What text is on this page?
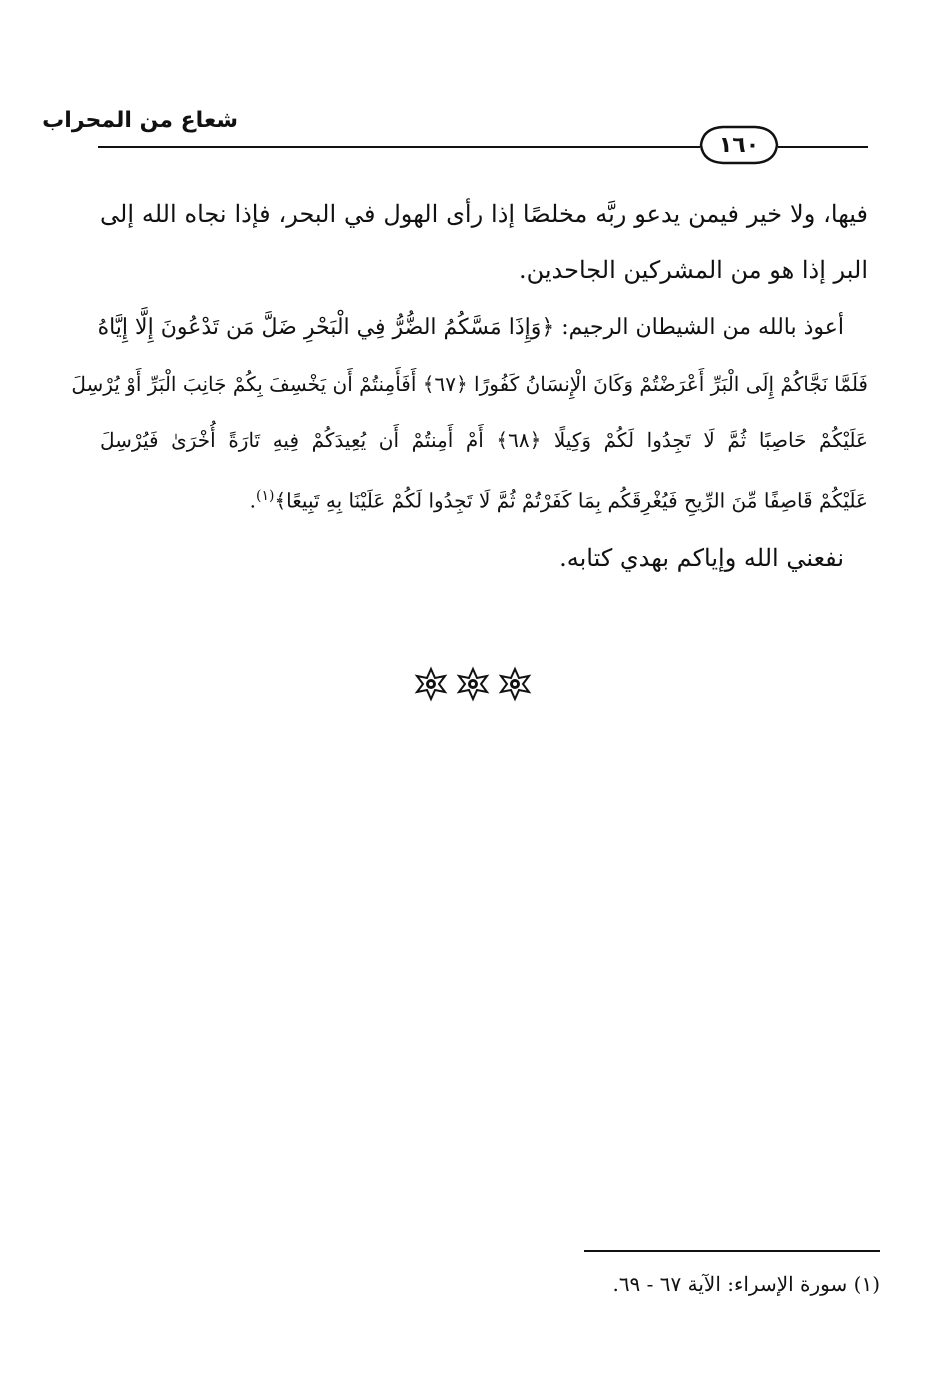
شعاع من المحراب
١٦٠
فيها، ولا خير فيمن يدعو ربَّه مخلصًا إذا رأى الهول في البحر، فإذا نجاه الله إلى
البر إذا هو من المشركين الجاحدين.
أعوذ بالله من الشيطان الرجيم: ﴿وَإِذَا مَسَّكُمُ الضُّرُّ فِي الْبَحْرِ ضَلَّ مَن تَدْعُونَ إِلَّا إِيَّاهُ
فَلَمَّا نَجَّاكُمْ إِلَى الْبَرِّ أَعْرَضْتُمْ وَكَانَ الْإِنسَانُ كَفُورًا ﴿٦٧﴾ أَفَأَمِنتُمْ أَن يَخْسِفَ بِكُمْ جَانِبَ الْبَرِّ أَوْ يُرْسِلَ
عَلَيْكُمْ حَاصِبًا ثُمَّ لَا تَجِدُوا لَكُمْ وَكِيلًا ﴿٦٨﴾ أَمْ أَمِنتُمْ أَن يُعِيدَكُمْ فِيهِ تَارَةً أُخْرَىٰ فَيُرْسِلَ
عَلَيْكُمْ قَاصِفًا مِّنَ الرِّيحِ فَيُغْرِقَكُم بِمَا كَفَرْتُمْ ثُمَّ لَا تَجِدُوا لَكُمْ عَلَيْنَا بِهِ تَبِيعًا﴾$^{(١)}$.
نفعني الله وإياكم بهدي كتابه.
(١) سورة الإسراء: الآية ٦٧ - ٦٩.
